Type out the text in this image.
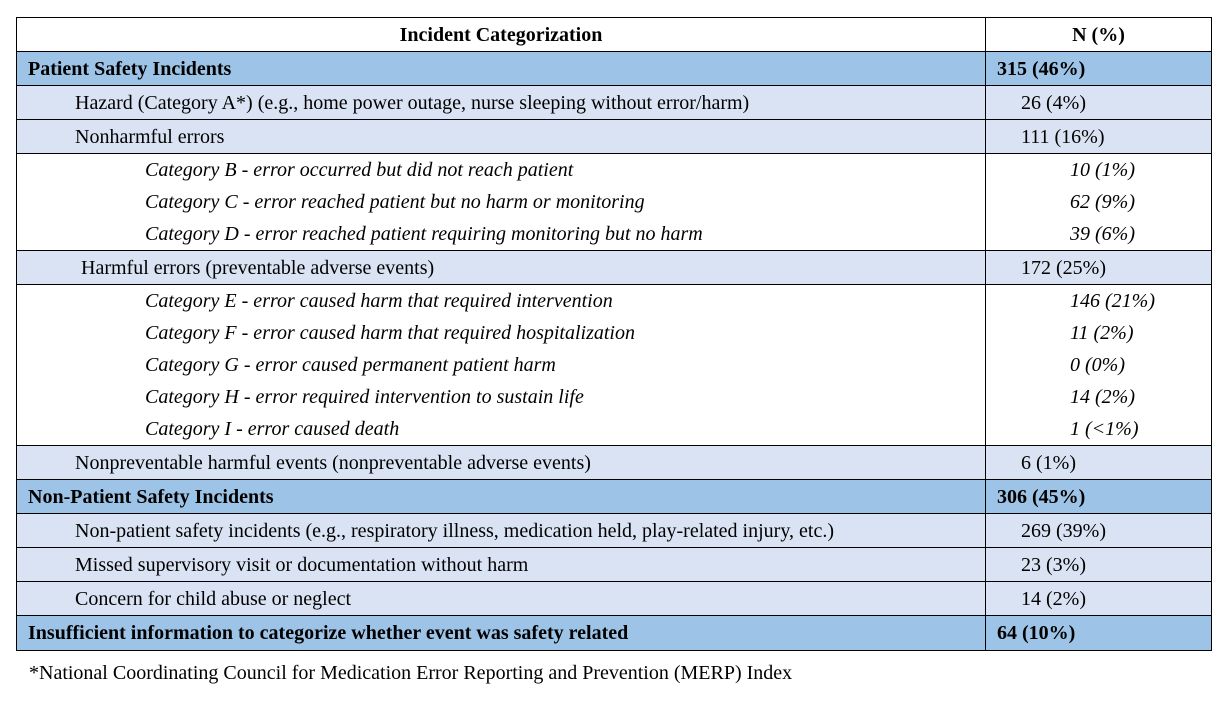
Incident Categorization	N (%)
Patient Safety Incidents	315 (46%)
Hazard (Category A*) (e.g., home power outage, nurse sleeping without error/harm)	26 (4%)
Nonharmful errors	111 (16%)
Category B - error occurred but did not reach patient	10 (1%)
Category C - error reached patient but no harm or monitoring	62 (9%)
Category D - error reached patient requiring monitoring but no harm	39 (6%)
Harmful errors (preventable adverse events)	172 (25%)
Category E - error caused harm that required intervention	146 (21%)
Category F - error caused harm that required hospitalization	11 (2%)
Category G - error caused permanent patient harm	0 (0%)
Category H - error required intervention to sustain life	14 (2%)
Category I - error caused death	1 (<1%)
Nonpreventable harmful events (nonpreventable adverse events)	6 (1%)
Non-Patient Safety Incidents	306 (45%)
Non-patient safety incidents (e.g., respiratory illness, medication held, play-related injury, etc.)	269 (39%)
Missed supervisory visit or documentation without harm	23 (3%)
Concern for child abuse or neglect	14 (2%)
Insufficient information to categorize whether event was safety related	64 (10%)
*National Coordinating Council for Medication Error Reporting and Prevention (MERP) Index
